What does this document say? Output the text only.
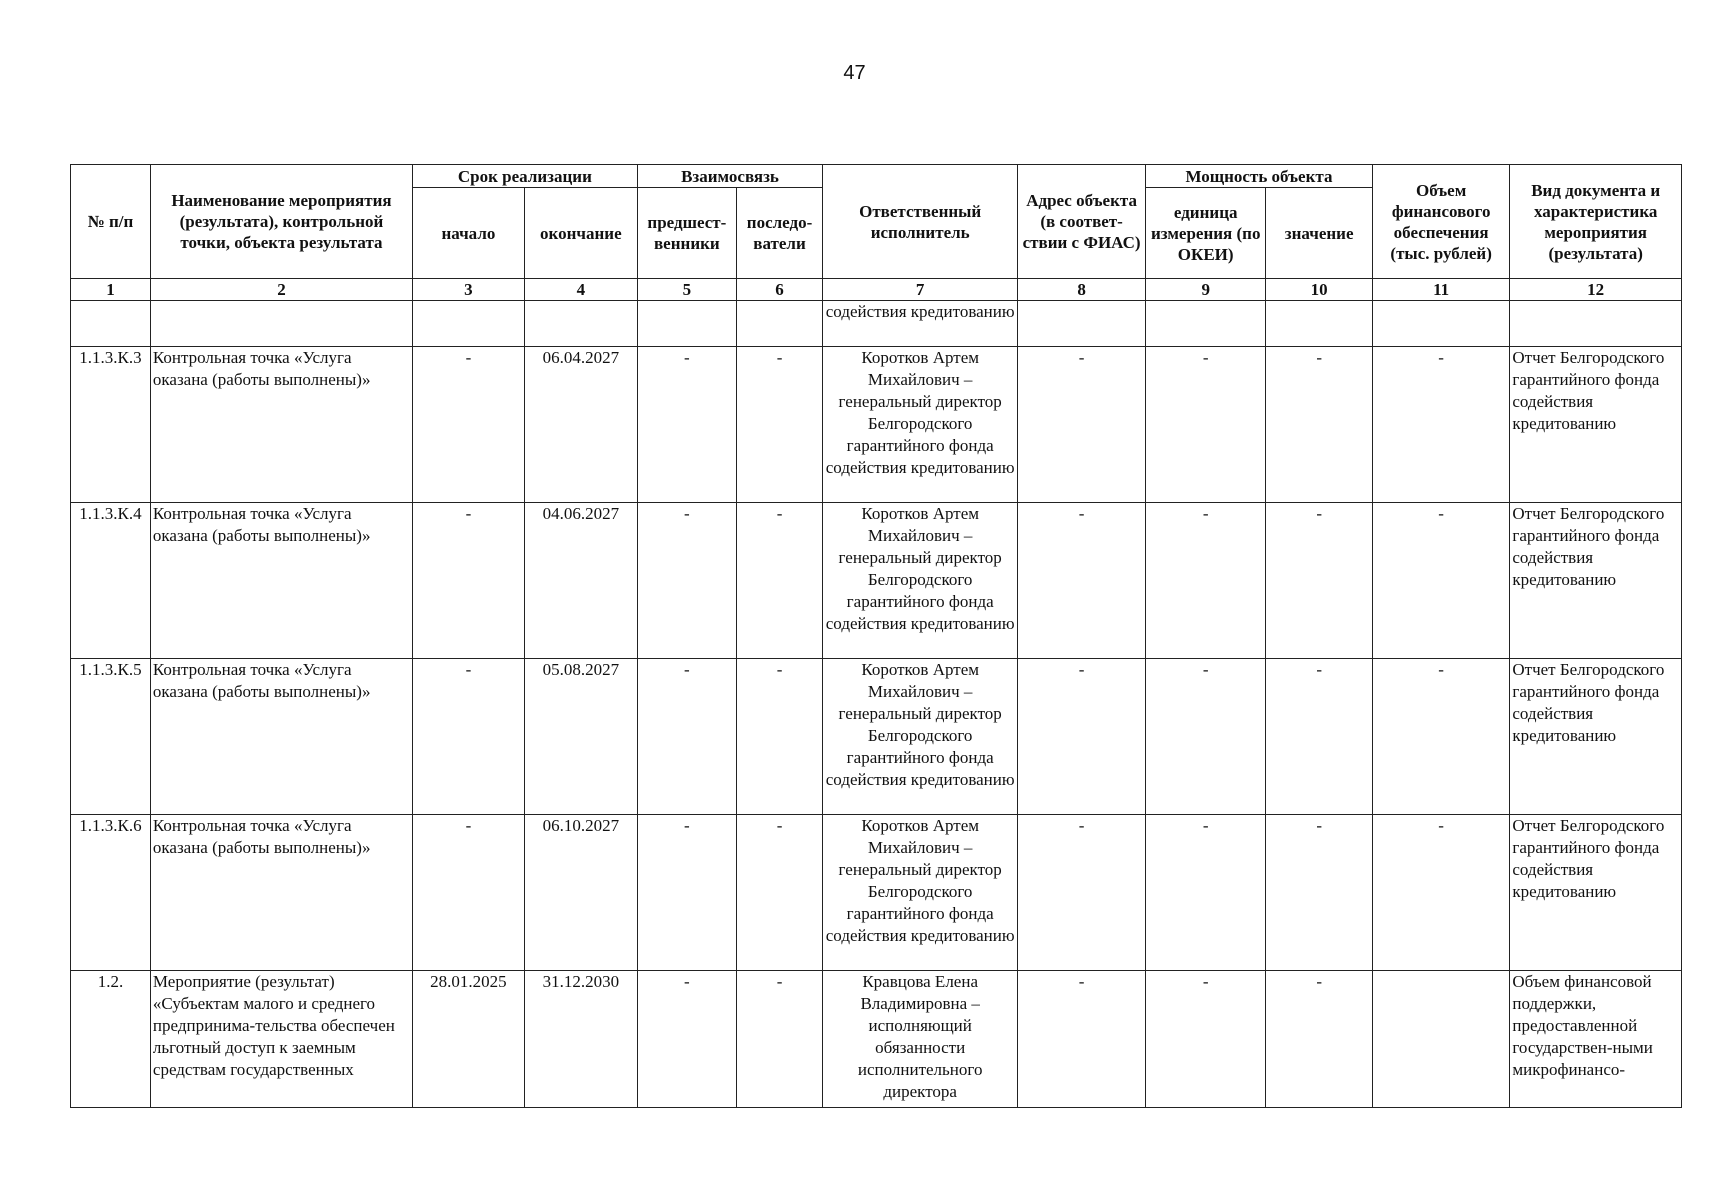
47
№ п/п	Наименование мероприятия (результата), контрольной точки, объекта результата	Срок реализации		Взаимосвязь		Ответственный исполнитель	Адрес объекта (в соответ-ствии с ФИАС)	Мощность объекта		Объем финансового обеспечения (тыс. рублей)	Вид документа и характеристика мероприятия (результата)
		начало	окончание	предшест-венники	последо-ватели			единица измерения (по ОКЕИ)	значение		
1	2	3	4	5	6	7	8	9	10	11	12
						содействия кредитованию					
1.1.3.К.3	Контрольная точка «Услуга оказана (работы выполнены)»	-	06.04.2027	-	-	Коротков Артем Михайлович – генеральный директор Белгородского гарантийного фонда содействия кредитованию	-	-	-	-	Отчет Белгородского гарантийного фонда содействия кредитованию
1.1.3.К.4	Контрольная точка «Услуга оказана (работы выполнены)»	-	04.06.2027	-	-	Коротков Артем Михайлович – генеральный директор Белгородского гарантийного фонда содействия кредитованию	-	-	-	-	Отчет Белгородского гарантийного фонда содействия кредитованию
1.1.3.К.5	Контрольная точка «Услуга оказана (работы выполнены)»	-	05.08.2027	-	-	Коротков Артем Михайлович – генеральный директор Белгородского гарантийного фонда содействия кредитованию	-	-	-	-	Отчет Белгородского гарантийного фонда содействия кредитованию
1.1.3.К.6	Контрольная точка «Услуга оказана (работы выполнены)»	-	06.10.2027	-	-	Коротков Артем Михайлович – генеральный директор Белгородского гарантийного фонда содействия кредитованию	-	-	-	-	Отчет Белгородского гарантийного фонда содействия кредитованию
1.2.	Мероприятие (результат) «Субъектам малого и среднего предпринима-тельства обеспечен льготный доступ к заемным средствам государственных	28.01.2025	31.12.2030	-	-	Кравцова Елена Владимировна – исполняющий обязанности исполнительного директора	-	-	-		Объем финансовой поддержки, предоставленной государствен-ными микрофинансо-
